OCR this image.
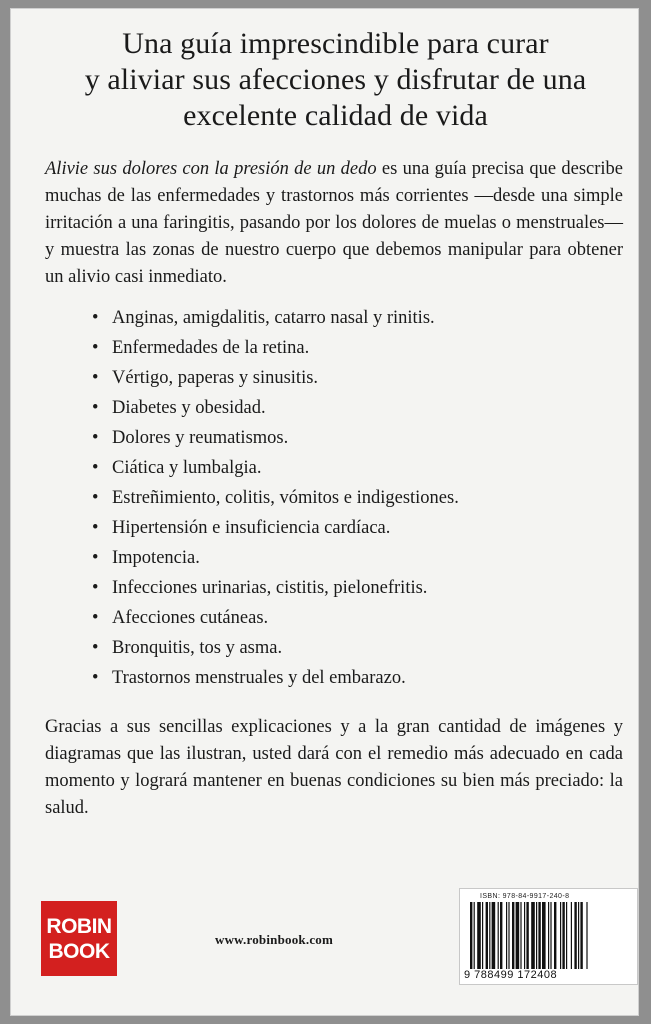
Una guía imprescindible para curar
y aliviar sus afecciones y disfrutar de una
excelente calidad de vida
Alivie sus dolores con la presión de un dedo es una guía precisa que describe muchas de las enfermedades y trastornos más corrientes —desde una simple irritación a una faringitis, pasando por los dolores de muelas o menstruales— y muestra las zonas de nuestro cuerpo que debemos manipular para obtener un alivio casi inmediato.
• Anginas, amigdalitis, catarro nasal y rinitis.
• Enfermedades de la retina.
• Vértigo, paperas y sinusitis.
• Diabetes y obesidad.
• Dolores y reumatismos.
• Ciática y lumbalgia.
• Estreñimiento, colitis, vómitos e indigestiones.
• Hipertensión e insuficiencia cardíaca.
• Impotencia.
• Infecciones urinarias, cistitis, pielonefritis.
• Afecciones cutáneas.
• Bronquitis, tos y asma.
• Trastornos menstruales y del embarazo.
Gracias a sus sencillas explicaciones y a la gran cantidad de imágenes y diagramas que las ilustran, usted dará con el remedio más adecuado en cada momento y logrará mantener en buenas condiciones su bien más preciado: la salud.
ROBIN
BOOK	www.robinbook.com
ISBN: 978-84-9917-240-8
9 788499 172408
